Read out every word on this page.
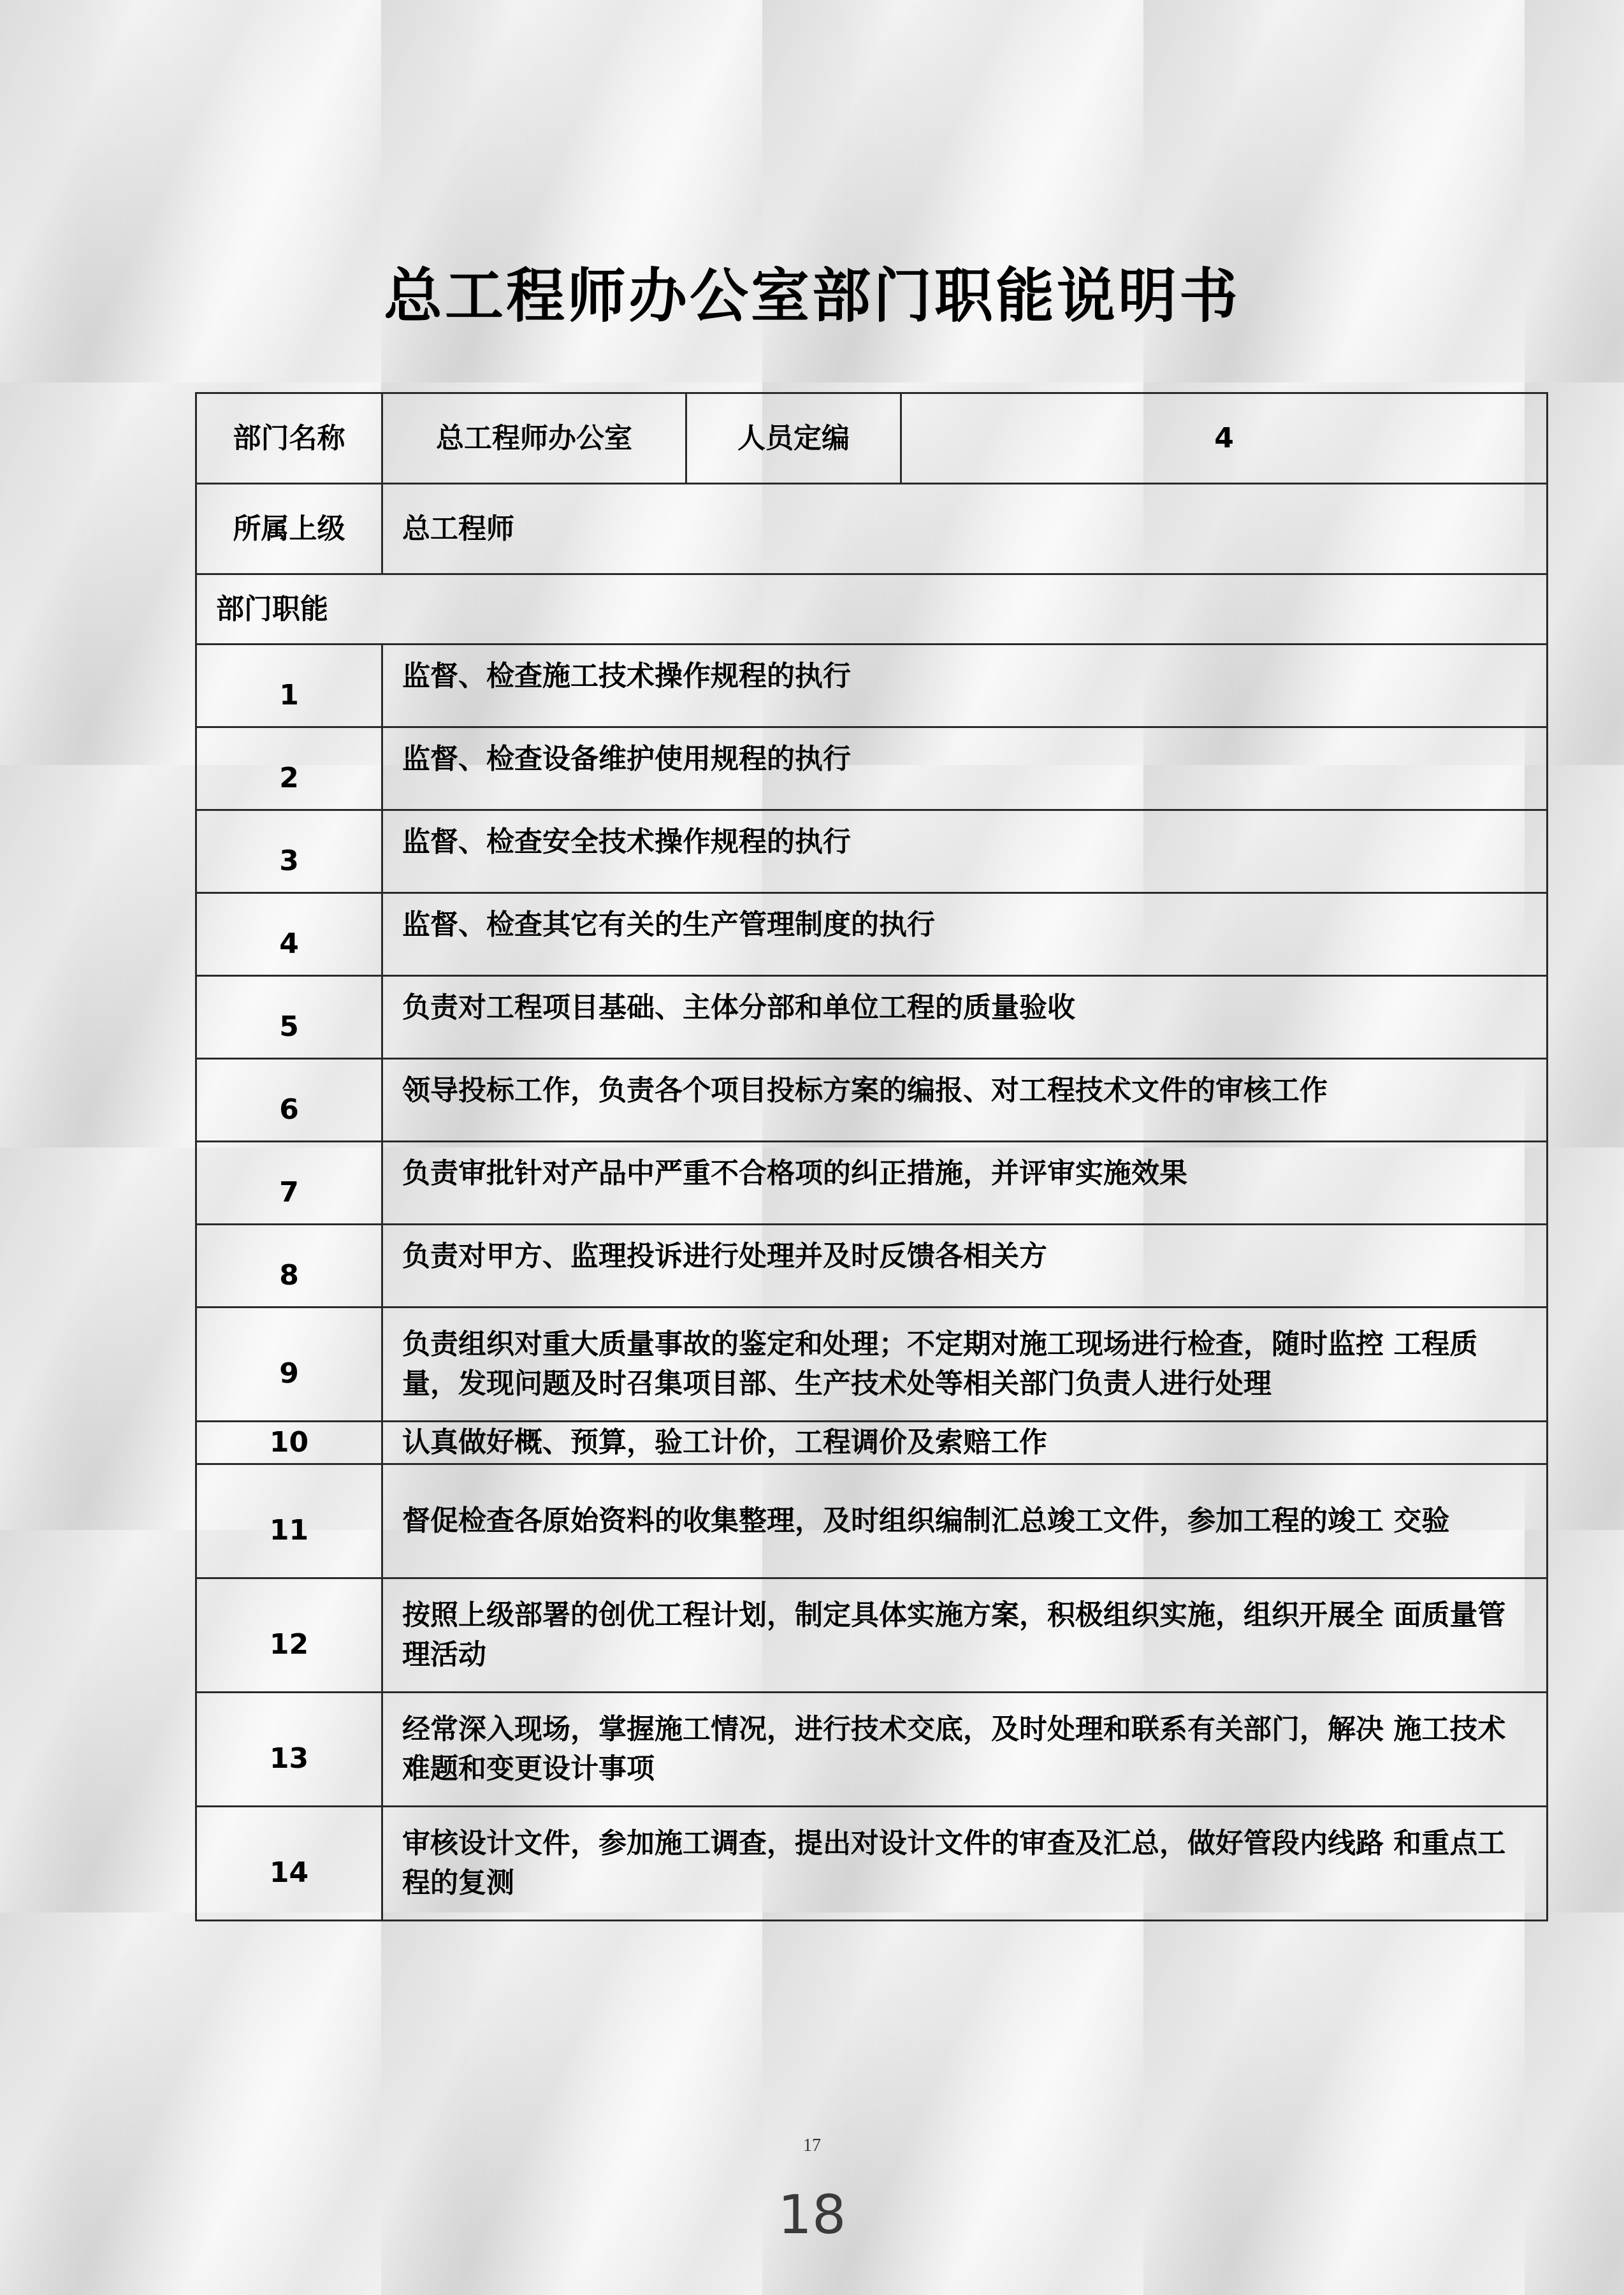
总工程师办公室部门职能说明书
部门名称	总工程师办公室	人员定编	4
所属上级	总工程师		
部门职能			
1	监督、检查施工技术操作规程的执行		
2	监督、检查设备维护使用规程的执行		
3	监督、检查安全技术操作规程的执行		
4	监督、检查其它有关的生产管理制度的执行		
5	负责对工程项目基础、主体分部和单位工程的质量验收		
6	领导投标工作，负责各个项目投标方案的编报、对工程技术文件的审核工作		
7	负责审批针对产品中严重不合格项的纠正措施，并评审实施效果		
8	负责对甲方、监理投诉进行处理并及时反馈各相关方		
9	负责组织对重大质量事故的鉴定和处理；不定期对施工现场进行检查，随时监控 工程质量，发现问题及时召集项目部、生产技术处等相关部门负责人进行处理		
10	认真做好概、预算，验工计价，工程调价及索赔工作		
11	督促检查各原始资料的收集整理，及时组织编制汇总竣工文件，参加工程的竣工 交验		
12	按照上级部署的创优工程计划，制定具体实施方案，积极组织实施，组织开展全 面质量管理活动		
13	经常深入现场，掌握施工情况，进行技术交底，及时处理和联系有关部门，解决 施工技术难题和变更设计事项		
14	审核设计文件，参加施工调查，提出对设计文件的审查及汇总，做好管段内线路 和重点工程的复测		
17
18
